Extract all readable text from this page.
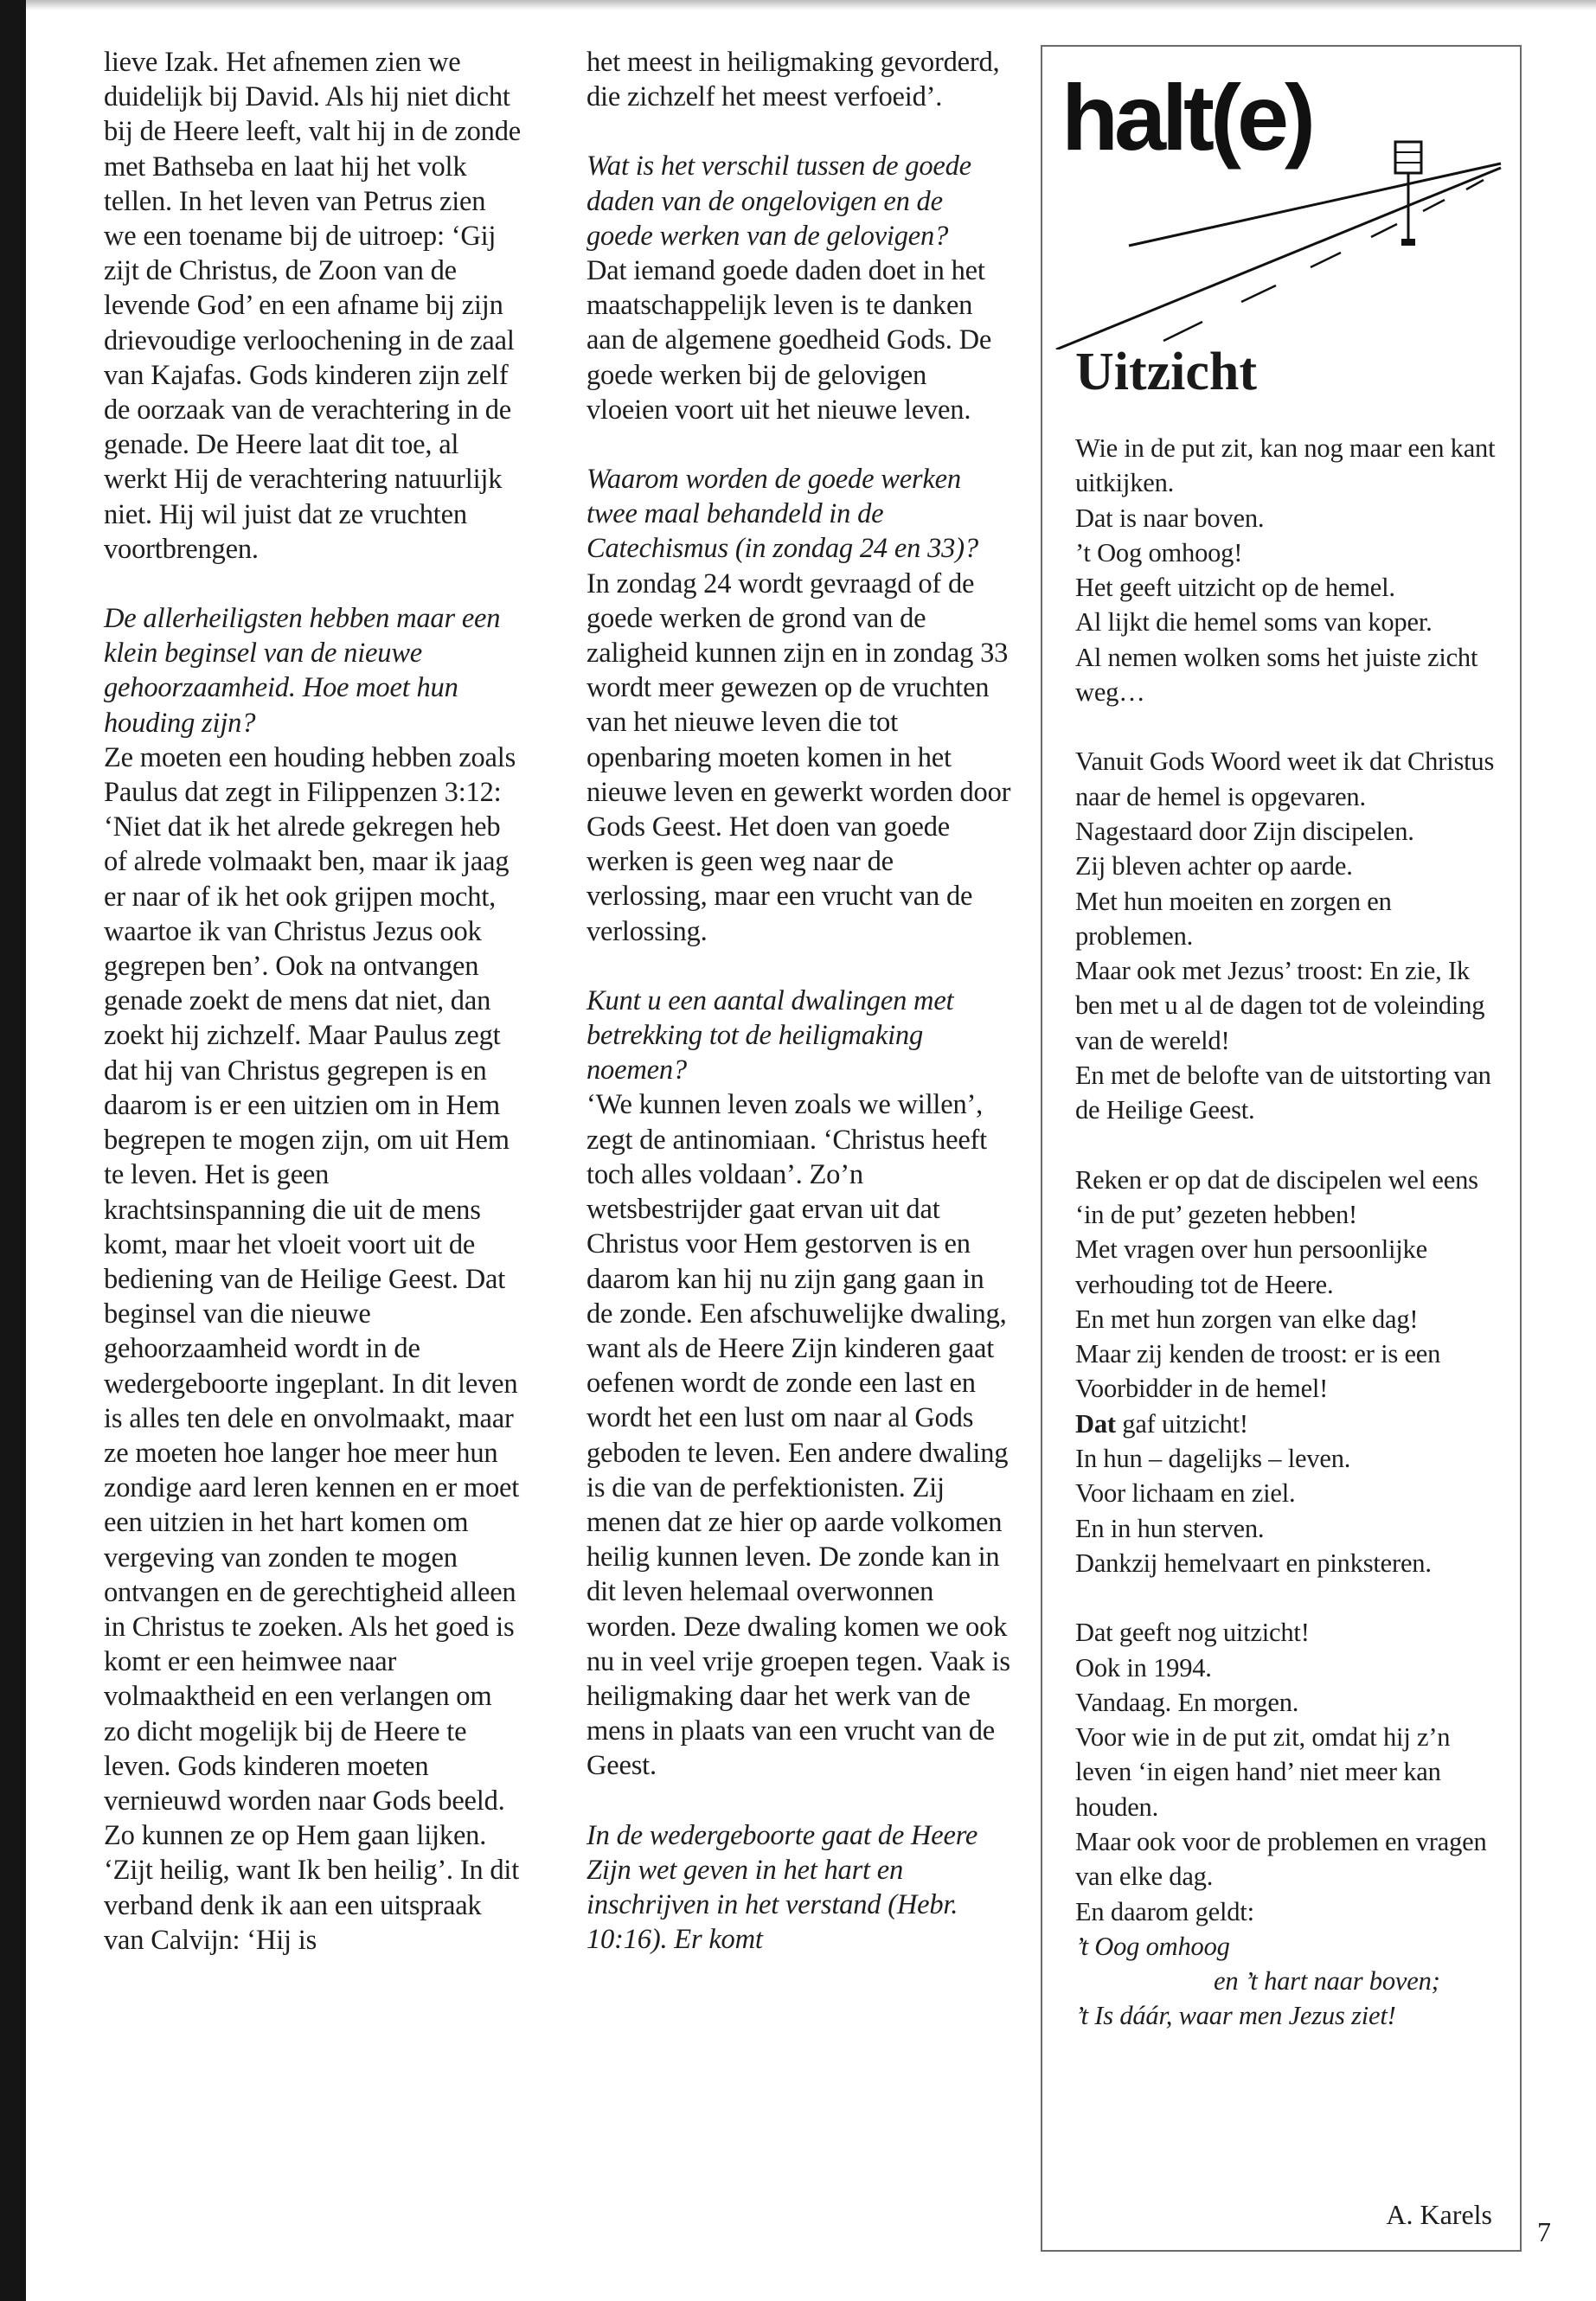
lieve Izak. Het afnemen zien we duidelijk bij David. Als hij niet dicht bij de Heere leeft, valt hij in de zonde met Bathseba en laat hij het volk tellen. In het leven van Petrus zien we een toename bij de uitroep: ‘Gij zijt de Christus, de Zoon van de levende God’ en een afname bij zijn drievoudige verloochening in de zaal van Kajafas. Gods kinderen zijn zelf de oorzaak van de verachtering in de genade. De Heere laat dit toe, al werkt Hij de verachtering natuurlijk niet. Hij wil juist dat ze vruchten voortbrengen.

De allerheiligsten hebben maar een klein beginsel van de nieuwe gehoorzaamheid. Hoe moet hun houding zijn?

Ze moeten een houding hebben zoals Paulus dat zegt in Filippenzen 3:12: ‘Niet dat ik het alrede gekregen heb of alrede volmaakt ben, maar ik jaag er naar of ik het ook grijpen mocht, waartoe ik van Christus Jezus ook gegrepen ben’. Ook na ontvangen genade zoekt de mens dat niet, dan zoekt hij zichzelf. Maar Paulus zegt dat hij van Christus gegrepen is en daarom is er een uitzien om in Hem begrepen te mogen zijn, om uit Hem te leven. Het is geen krachtsinspanning die uit de mens komt, maar het vloeit voort uit de bediening van de Heilige Geest. Dat beginsel van die nieuwe gehoorzaamheid wordt in de wedergeboorte ingeplant. In dit leven is alles ten dele en onvolmaakt, maar ze moeten hoe langer hoe meer hun zondige aard leren kennen en er moet een uitzien in het hart komen om vergeving van zonden te mogen ontvangen en de gerechtigheid alleen in Christus te zoeken. Als het goed is komt er een heimwee naar volmaaktheid en een verlangen om zo dicht mogelijk bij de Heere te leven. Gods kinderen moeten vernieuwd worden naar Gods beeld. Zo kunnen ze op Hem gaan lijken. ‘Zijt heilig, want Ik ben heilig’. In dit verband denk ik aan een uitspraak van Calvijn: ‘Hij is

het meest in heiligmaking gevorderd, die zichzelf het meest verfoeid’.

Wat is het verschil tussen de goede daden van de ongelovigen en de goede werken van de gelovigen?

Dat iemand goede daden doet in het maatschappelijk leven is te danken aan de algemene goedheid Gods. De goede werken bij de gelovigen vloeien voort uit het nieuwe leven.

Waarom worden de goede werken twee maal behandeld in de Catechismus (in zondag 24 en 33)?

In zondag 24 wordt gevraagd of de goede werken de grond van de zaligheid kunnen zijn en in zondag 33 wordt meer gewezen op de vruchten van het nieuwe leven die tot openbaring moeten komen in het nieuwe leven en gewerkt worden door Gods Geest. Het doen van goede werken is geen weg naar de verlossing, maar een vrucht van de verlossing.

Kunt u een aantal dwalingen met betrekking tot de heiligmaking noemen?

‘We kunnen leven zoals we willen’, zegt de antinomiaan. ‘Christus heeft toch alles voldaan’. Zo’n wetsbestrijder gaat ervan uit dat Christus voor Hem gestorven is en daarom kan hij nu zijn gang gaan in de zonde. Een afschuwelijke dwaling, want als de Heere Zijn kinderen gaat oefenen wordt de zonde een last en wordt het een lust om naar al Gods geboden te leven. Een andere dwaling is die van de perfektionisten. Zij menen dat ze hier op aarde volkomen heilig kunnen leven. De zonde kan in dit leven helemaal overwonnen worden. Deze dwaling komen we ook nu in veel vrije groepen tegen. Vaak is heiligmaking daar het werk van de mens in plaats van een vrucht van de Geest.

In de wedergeboorte gaat de Heere Zijn wet geven in het hart en inschrijven in het verstand (Hebr. 10:16). Er komt

halt(e)
Uitzicht

Wie in de put zit, kan nog maar een kant uitkijken.
Dat is naar boven.
’t Oog omhoog!
Het geeft uitzicht op de hemel.
Al lijkt die hemel soms van koper.
Al nemen wolken soms het juiste zicht weg…

Vanuit Gods Woord weet ik dat Christus naar de hemel is opgevaren.
Nagestaard door Zijn discipelen.
Zij bleven achter op aarde.
Met hun moeiten en zorgen en problemen.
Maar ook met Jezus’ troost: En zie, Ik ben met u al de dagen tot de voleinding van de wereld!
En met de belofte van de uitstorting van de Heilige Geest.

Reken er op dat de discipelen wel eens ‘in de put’ gezeten hebben!
Met vragen over hun persoonlijke verhouding tot de Heere.
En met hun zorgen van elke dag!
Maar zij kenden de troost: er is een Voorbidder in de hemel!
Dat gaf uitzicht!
In hun – dagelijks – leven.
Voor lichaam en ziel.
En in hun sterven.
Dankzij hemelvaart en pinksteren.

Dat geeft nog uitzicht!
Ook in 1994.
Vandaag. En morgen.
Voor wie in de put zit, omdat hij z’n leven ‘in eigen hand’ niet meer kan houden.
Maar ook voor de problemen en vragen van elke dag.
En daarom geldt:
’t Oog omhoog
en ’t hart naar boven;
’t Is dáár, waar men Jezus ziet!

A. Karels
7
